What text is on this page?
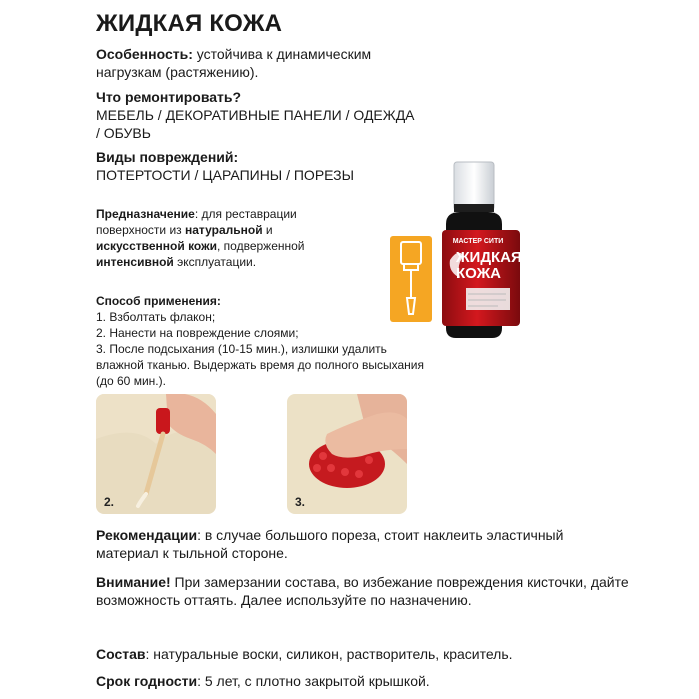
ЖИДКАЯ КОЖА
Особенность: устойчива к динамическим нагрузкам (растяжению).
Что ремонтировать?
МЕБЕЛЬ / ДЕКОРАТИВНЫЕ ПАНЕЛИ / ОДЕЖДА / ОБУВЬ
Виды повреждений:
ПОТЕРТОСТИ / ЦАРАПИНЫ / ПОРЕЗЫ
Предназначение: для реставрации поверхности из натуральной и искусственной кожи, подверженной интенсивной эксплуатации.
Способ применения:
1. Взболтать флакон;
2. Нанести на повреждение слоями;
3. После подсыхания (10-15 мин.), излишки удалить влажной тканью. Выдержать время до полного высыхания (до 60 мин.).
МАСТЕР СИТИ
ЖИДКАЯ КОЖА
2.	3.
Рекомендации: в случае большого пореза, стоит наклеить эластичный материал к тыльной стороне.
Внимание! При замерзании состава, во избежание повреждения кисточки, дайте возможность оттаять. Далее используйте по назначению.
Состав: натуральные воски, силикон, растворитель, краситель.
Срок годности: 5 лет, с плотно закрытой крышкой.
